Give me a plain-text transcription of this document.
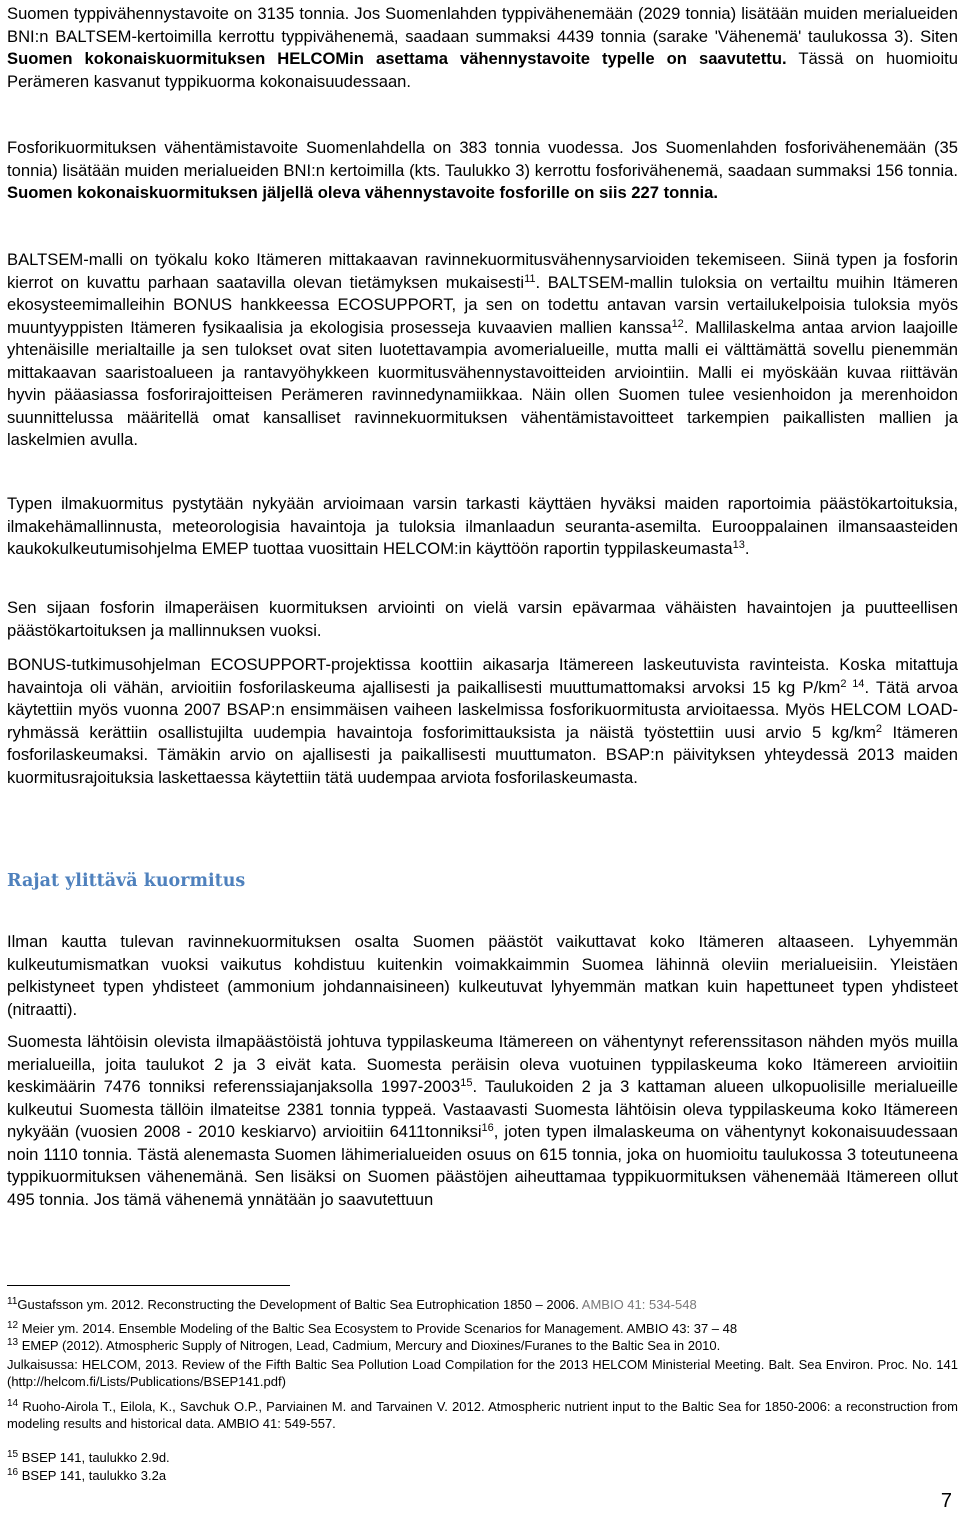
Suomen typpivähennystavoite on 3135 tonnia. Jos Suomenlahden typpivähenemään (2029 tonnia) lisätään muiden merialueiden BNI:n BALTSEM-kertoimilla kerrottu typpivähenemä, saadaan summaksi 4439 tonnia (sarake 'Vähenemä' taulukossa 3). Siten Suomen kokonaiskuormituksen HELCOMin asettama vähennystavoite typelle on saavutettu. Tässä on huomioitu Perämeren kasvanut typpikuorma kokonaisuudessaan.

Fosforikuormituksen vähentämistavoite Suomenlahdella on 383 tonnia vuodessa. Jos Suomenlahden fosforivähenemään (35 tonnia) lisätään muiden merialueiden BNI:n kertoimilla (kts. Taulukko 3) kerrottu fosforivähenemä, saadaan summaksi 156 tonnia. Suomen kokonaiskuormituksen jäljellä oleva vähennystavoite fosforille on siis 227 tonnia.

BALTSEM-malli on työkalu koko Itämeren mittakaavan ravinnekuormitusvähennysarvioiden tekemiseen. Siinä typen ja fosforin kierrot on kuvattu parhaan saatavilla olevan tietämyksen mukaisesti$^{11}$. BALTSEM-mallin tuloksia on vertailtu muihin Itämeren ekosysteemimalleihin BONUS hankkeessa ECOSUPPORT, ja sen on todettu antavan varsin vertailukelpoisia tuloksia myös muuntyyppisten Itämeren fysikaalisia ja ekologisia prosesseja kuvaavien mallien kanssa$^{12}$. Mallilaskelma antaa arvion laajoille yhtenäisille merialtaille ja sen tulokset ovat siten luotettavampia avomerialueille, mutta malli ei välttämättä sovellu pienemmän mittakaavan saaristoalueen ja rantavyöhykkeen kuormitusvähennystavoitteiden arviointiin. Malli ei myöskään kuvaa riittävän hyvin pääasiassa fosforirajoitteisen Perämeren ravinnedynamiikkaa. Näin ollen Suomen tulee vesienhoidon ja merenhoidon suunnittelussa määritellä omat kansalliset ravinnekuormituksen vähentämistavoitteet tarkempien paikallisten mallien ja laskelmien avulla.

Typen ilmakuormitus pystytään nykyään arvioimaan varsin tarkasti käyttäen hyväksi maiden raportoimia päästökartoituksia, ilmakehämallinnusta, meteorologisia havaintoja ja tuloksia ilmanlaadun seuranta-asemilta. Eurooppalainen ilmansaasteiden kaukokulkeutumisohjelma EMEP tuottaa vuosittain HELCOM:in käyttöön raportin typpilaskeumasta$^{13}$.

Sen sijaan fosforin ilmaperäisen kuormituksen arviointi on vielä varsin epävarmaa vähäisten havaintojen ja puutteellisen päästökartoituksen ja mallinnuksen vuoksi.

BONUS-tutkimusohjelman ECOSUPPORT-projektissa koottiin aikasarja Itämereen laskeutuvista ravinteista. Koska mitattuja havaintoja oli vähän, arvioitiin fosforilaskeuma ajallisesti ja paikallisesti muuttumattomaksi arvoksi 15 kg $P/km^{2 14}$. Tätä arvoa käytettiin myös vuonna 2007 BSAP:n ensimmäisen vaiheen laskelmissa fosforikuormitusta arvioitaessa. Myös HELCOM LOAD-ryhmässä kerättiin osallistujilta uudempia havaintoja fosforimittauksista ja näistä työstettiin uusi arvio 5 $kg/km^2$ Itämeren fosforilaskeumaksi. Tämäkin arvio on ajallisesti ja paikallisesti muuttumaton. BSAP:n päivityksen yhteydessä 2013 maiden kuormitusrajoituksia laskettaessa käytettiin tätä uudempaa arviota fosforilaskeumasta.

Rajat ylittävä kuormitus

Ilman kautta tulevan ravinnekuormituksen osalta Suomen päästöt vaikuttavat koko Itämeren altaaseen. Lyhyemmän kulkeutumismatkan vuoksi vaikutus kohdistuu kuitenkin voimakkaimmin Suomea lähinnä oleviin merialueisiin. Yleistäen pelkistyneet typen yhdisteet (ammonium johdannaisineen) kulkeutuvat lyhyemmän matkan kuin hapettuneet typen yhdisteet (nitraatti).

Suomesta lähtöisin olevista ilmapäästöistä johtuva typpilaskeuma Itämereen on vähentynyt referenssitason nähden myös muilla merialueilla, joita taulukot 2 ja 3 eivät kata. Suomesta peräisin oleva vuotuinen typpilaskeuma koko Itämereen arvioitiin keskimäärin 7476 tonniksi referenssiajanjaksolla 1997-2003$^{15}$. Taulukoiden 2 ja 3 kattaman alueen ulkopuolisille merialueille kulkeutui Suomesta tällöin ilmateitse 2381 tonnia typpeä. Vastaavasti Suomesta lähtöisin oleva typpilaskeuma koko Itämereen nykyään (vuosien 2008 - 2010 keskiarvo) arvioitiin 6411tonniksi$^{16}$, joten typen ilmalaskeuma on vähentynyt kokonaisuudessaan noin 1110 tonnia. Tästä alenemasta Suomen lähimerialueiden osuus on 615 tonnia, joka on huomioitu taulukossa 3 toteutuneena typpikuormituksen vähenemänä. Sen lisäksi on Suomen päästöjen aiheuttamaa typpikuormituksen vähenemää Itämereen ollut 495 tonnia. Jos tämä vähenemä ynnätään jo saavutettuun

$^{11}$Gustafsson ym. 2012. Reconstructing the Development of Baltic Sea Eutrophication 1850 – 2006. AMBIO 41: 534-548

$^{12}$ Meier ym. 2014. Ensemble Modeling of the Baltic Sea Ecosystem to Provide Scenarios for Management. AMBIO 43: 37 – 48

$^{13}$ EMEP (2012). Atmospheric Supply of Nitrogen, Lead, Cadmium, Mercury and Dioxines/Furanes to the Baltic Sea in 2010.

Julkaisussa: HELCOM, 2013. Review of the Fifth Baltic Sea Pollution Load Compilation for the 2013 HELCOM Ministerial Meeting. Balt. Sea Environ. Proc. No. 141 (http://helcom.fi/Lists/Publications/BSEP141.pdf)

$^{14}$ Ruoho-Airola T., Eilola, K., Savchuk O.P., Parviainen M. and Tarvainen V. 2012. Atmospheric nutrient input to the Baltic Sea for 1850-2006: a reconstruction from modeling results and historical data. AMBIO 41: 549-557.

$^{15}$ BSEP 141, taulukko 2.9d.

$^{16}$ BSEP 141, taulukko 3.2a

7
